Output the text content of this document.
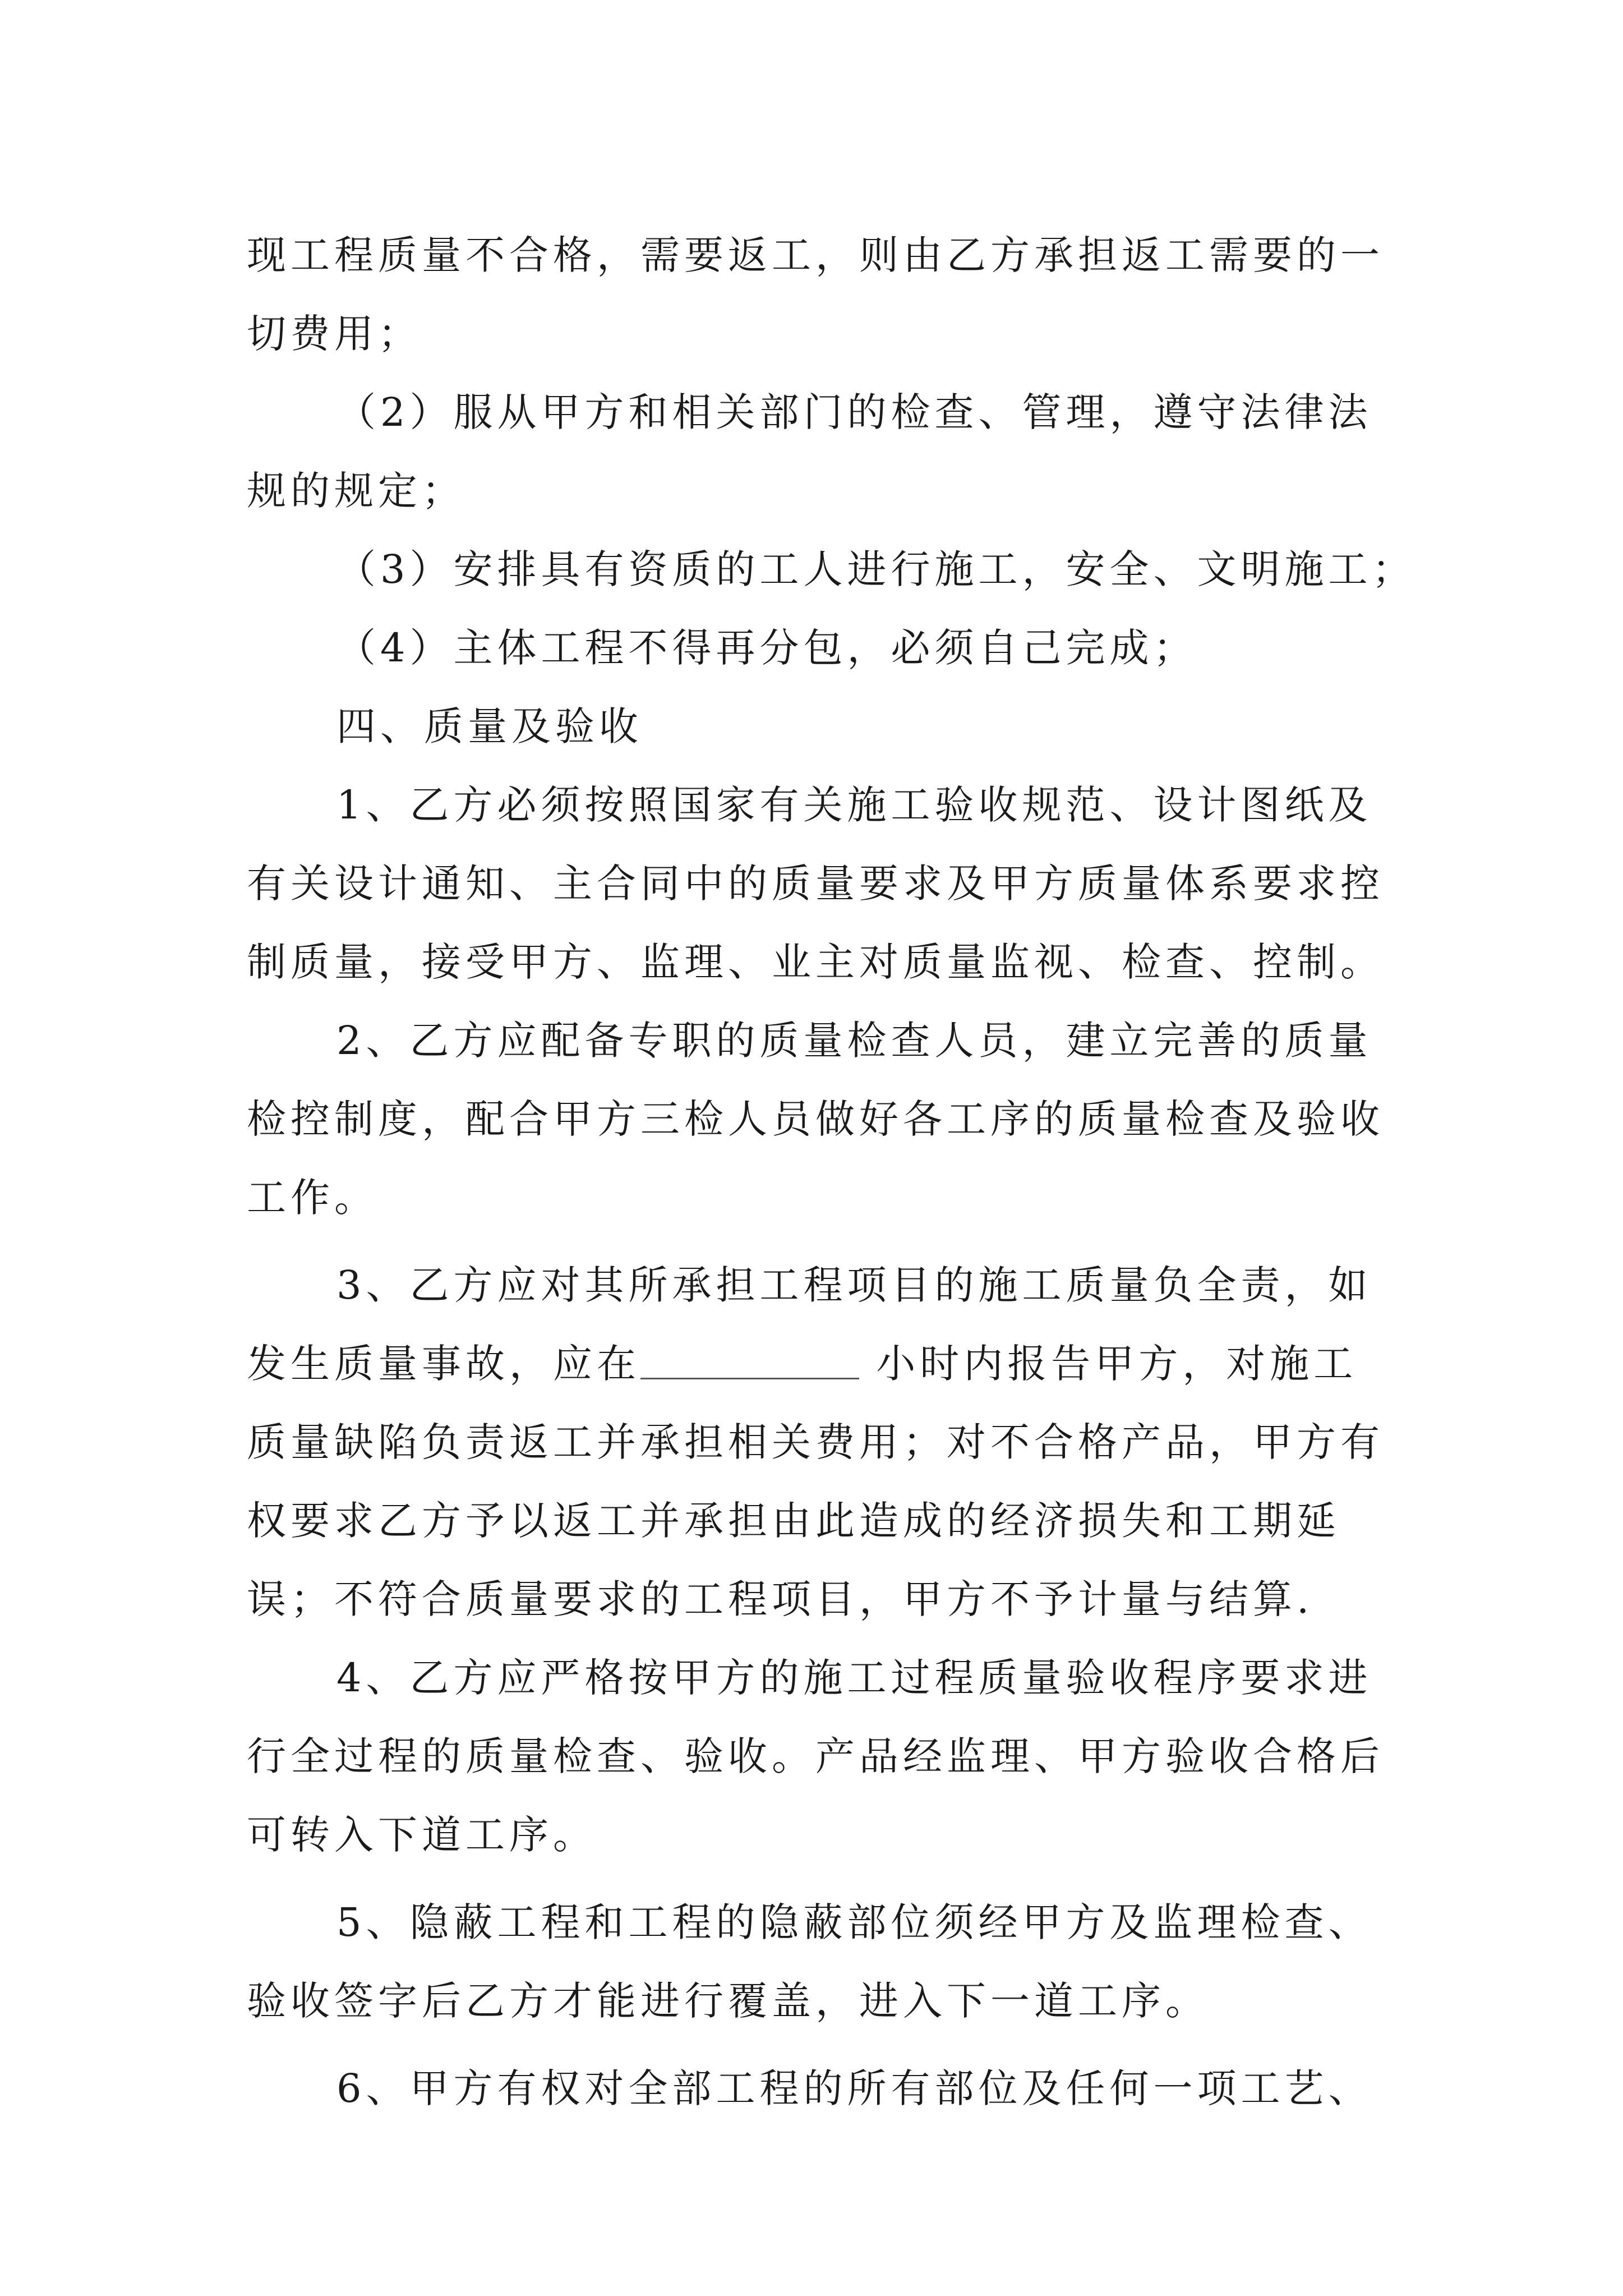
现工程质量不合格，需要返工，则由乙方承担返工需要的一
切费用；
（2）服从甲方和相关部门的检查、管理，遵守法律法
规的规定；
（3）安排具有资质的工人进行施工，安全、文明施工；
（4）主体工程不得再分包，必须自己完成；
四、质量及验收
1、乙方必须按照国家有关施工验收规范、设计图纸及
有关设计通知、主合同中的质量要求及甲方质量体系要求控
制质量，接受甲方、监理、业主对质量监视、检查、控制。
2、乙方应配备专职的质量检查人员，建立完善的质量
检控制度，配合甲方三检人员做好各工序的质量检查及验收
工作。
3、乙方应对其所承担工程项目的施工质量负全责，如
发生质量事故，应在	小时内报告甲方，对施工
质量缺陷负责返工并承担相关费用；对不合格产品，甲方有
权要求乙方予以返工并承担由此造成的经济损失和工期延
误；不符合质量要求的工程项目，甲方不予计量与结算.
4、乙方应严格按甲方的施工过程质量验收程序要求进
行全过程的质量检查、验收。产品经监理、甲方验收合格后
可转入下道工序。
5、隐蔽工程和工程的隐蔽部位须经甲方及监理检查、
验收签字后乙方才能进行覆盖，进入下一道工序。
6、甲方有权对全部工程的所有部位及任何一项工艺、
